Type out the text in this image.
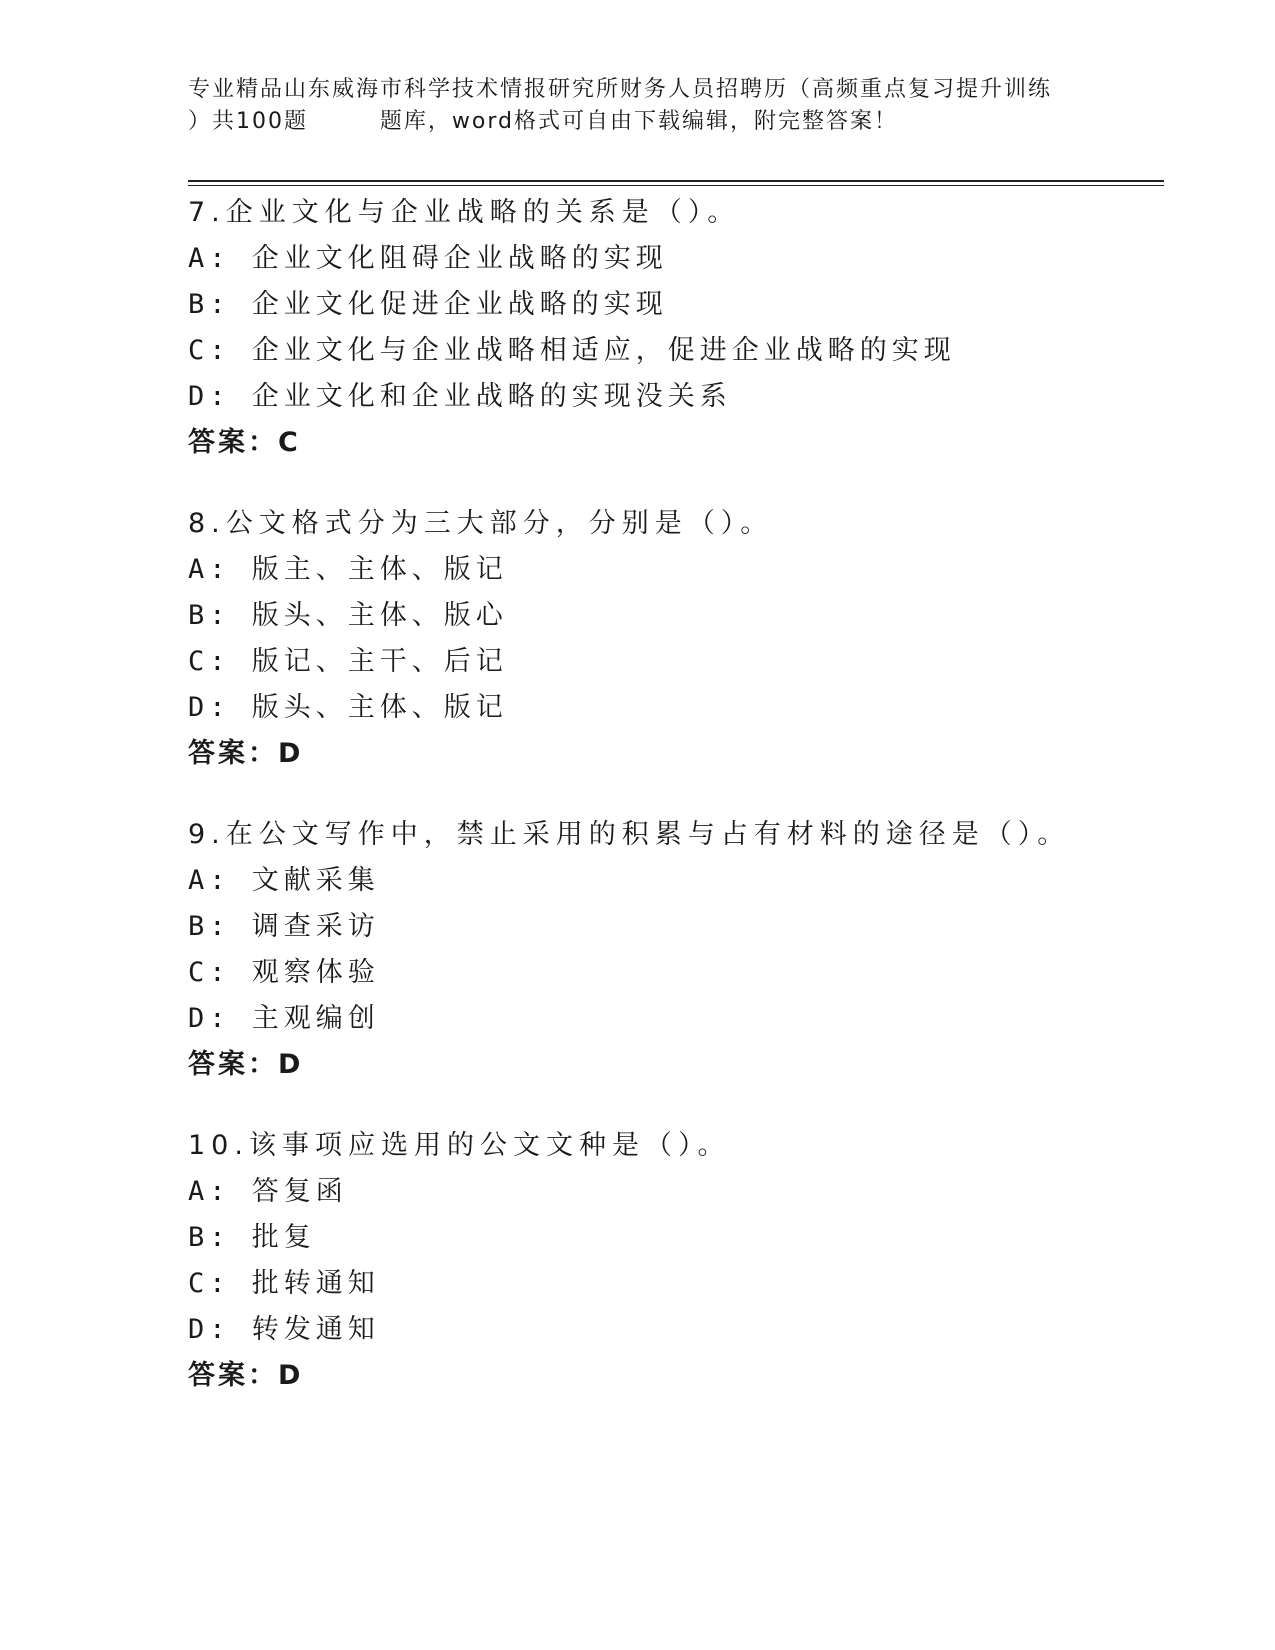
专业精品山东威海市科学技术情报研究所财务人员招聘历（高频重点复习提升训练
）共100题        题库，word格式可自由下载编辑，附完整答案！
7.企业文化与企业战略的关系是（）。
A: 企业文化阻碍企业战略的实现
B: 企业文化促进企业战略的实现
C: 企业文化与企业战略相适应，促进企业战略的实现
D: 企业文化和企业战略的实现没关系
答案：C
8.公文格式分为三大部分，分别是（）。
A: 版主、主体、版记
B: 版头、主体、版心
C: 版记、主干、后记
D: 版头、主体、版记
答案：D
9.在公文写作中，禁止采用的积累与占有材料的途径是（）。
A: 文献采集
B: 调查采访
C: 观察体验
D: 主观编创
答案：D
10.该事项应选用的公文文种是（）。
A: 答复函
B: 批复
C: 批转通知
D: 转发通知
答案：D
